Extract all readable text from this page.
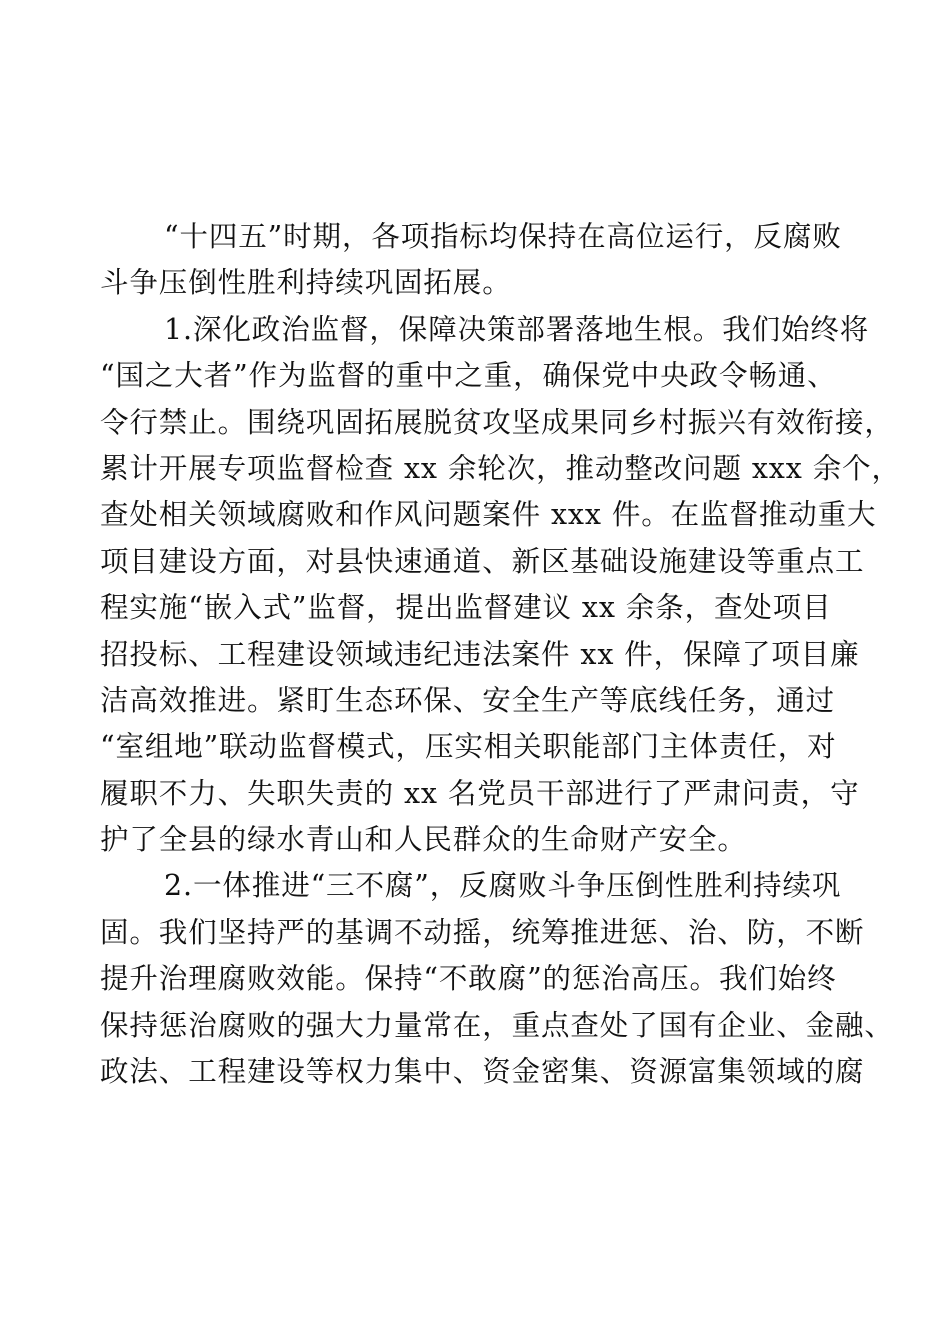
“十四五”时期，各项指标均保持在高位运行，反腐败
斗争压倒性胜利持续巩固拓展。
1.深化政治监督，保障决策部署落地生根。我们始终将
“国之大者”作为监督的重中之重，确保党中央政令畅通、
令行禁止。围绕巩固拓展脱贫攻坚成果同乡村振兴有效衔接，
累计开展专项监督检查 xx 余轮次，推动整改问题 xxx 余个，
查处相关领域腐败和作风问题案件 xxx 件。在监督推动重大
项目建设方面，对县快速通道、新区基础设施建设等重点工
程实施“嵌入式”监督，提出监督建议 xx 余条，查处项目
招投标、工程建设领域违纪违法案件 xx 件，保障了项目廉
洁高效推进。紧盯生态环保、安全生产等底线任务，通过
“室组地”联动监督模式，压实相关职能部门主体责任，对
履职不力、失职失责的 xx 名党员干部进行了严肃问责，守
护了全县的绿水青山和人民群众的生命财产安全。
2.一体推进“三不腐”，反腐败斗争压倒性胜利持续巩
固。我们坚持严的基调不动摇，统筹推进惩、治、防，不断
提升治理腐败效能。保持“不敢腐”的惩治高压。我们始终
保持惩治腐败的强大力量常在，重点查处了国有企业、金融、
政法、工程建设等权力集中、资金密集、资源富集领域的腐
